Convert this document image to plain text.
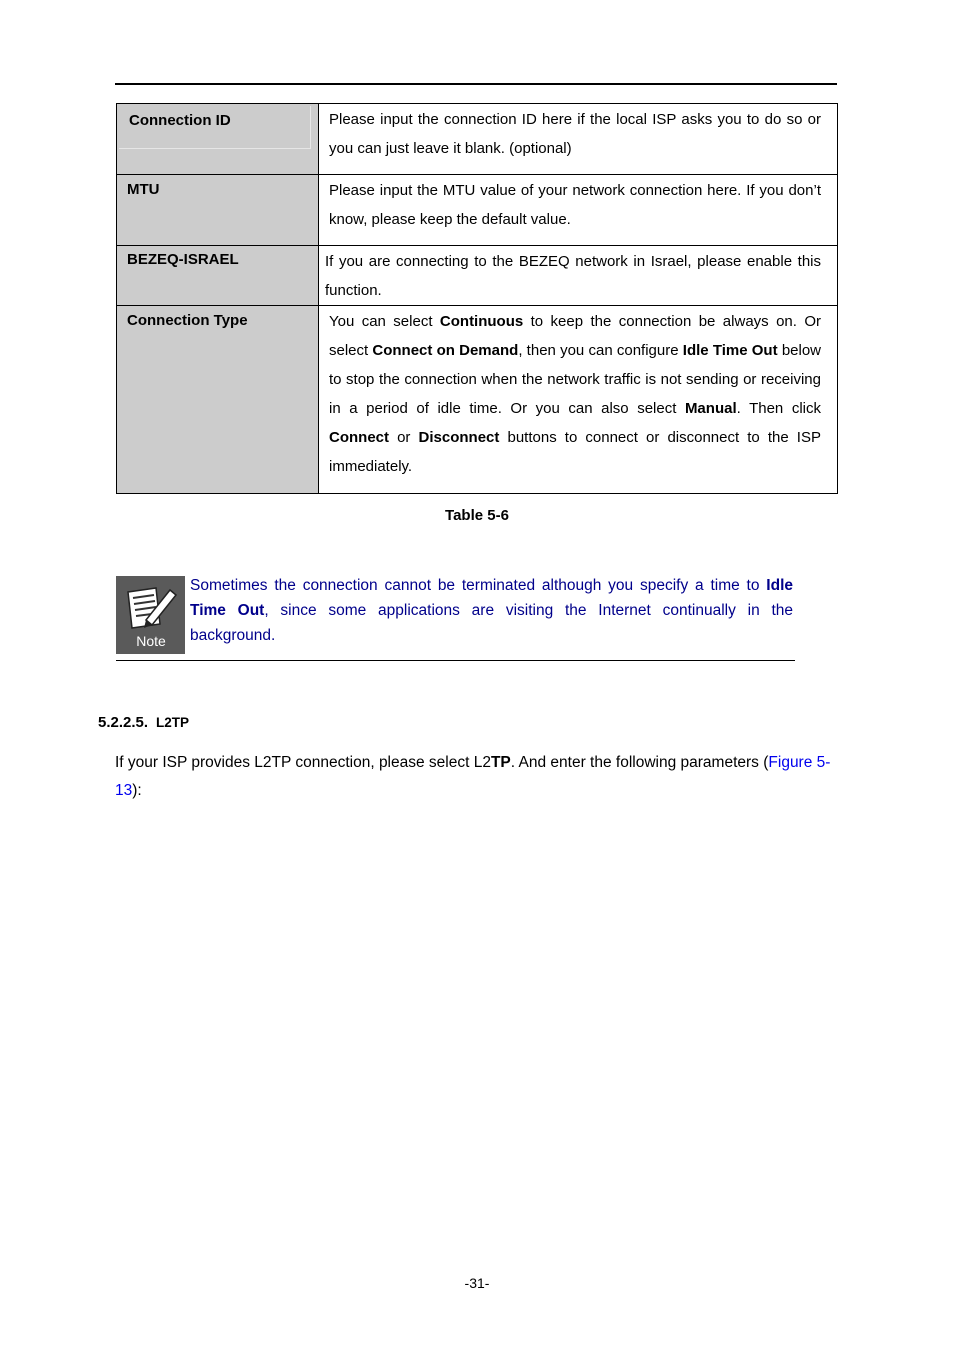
Connection ID	Please input the connection ID here if the local ISP asks you to do so or you can just leave it blank. (optional)

MTU	Please input the MTU value of your network connection here. If you don’t know, please keep the default value.

BEZEQ-ISRAEL	If you are connecting to the BEZEQ network in Israel, please enable this function.

Connection Type	You can select Continuous to keep the connection be always on. Or select Connect on Demand, then you can configure Idle Time Out below to stop the connection when the network traffic is not sending or receiving in a period of idle time. Or you can also select Manual. Then click Connect or Disconnect buttons to connect or disconnect to the ISP immediately.
Table 5-6
Note
Sometimes the connection cannot be terminated although you specify a time to Idle Time Out, since some applications are visiting the Internet continually in the background.
5.2.2.5. L2TP
If your ISP provides L2TP connection, please select L2TP. And enter the following parameters (Figure 5-13):
-31-
